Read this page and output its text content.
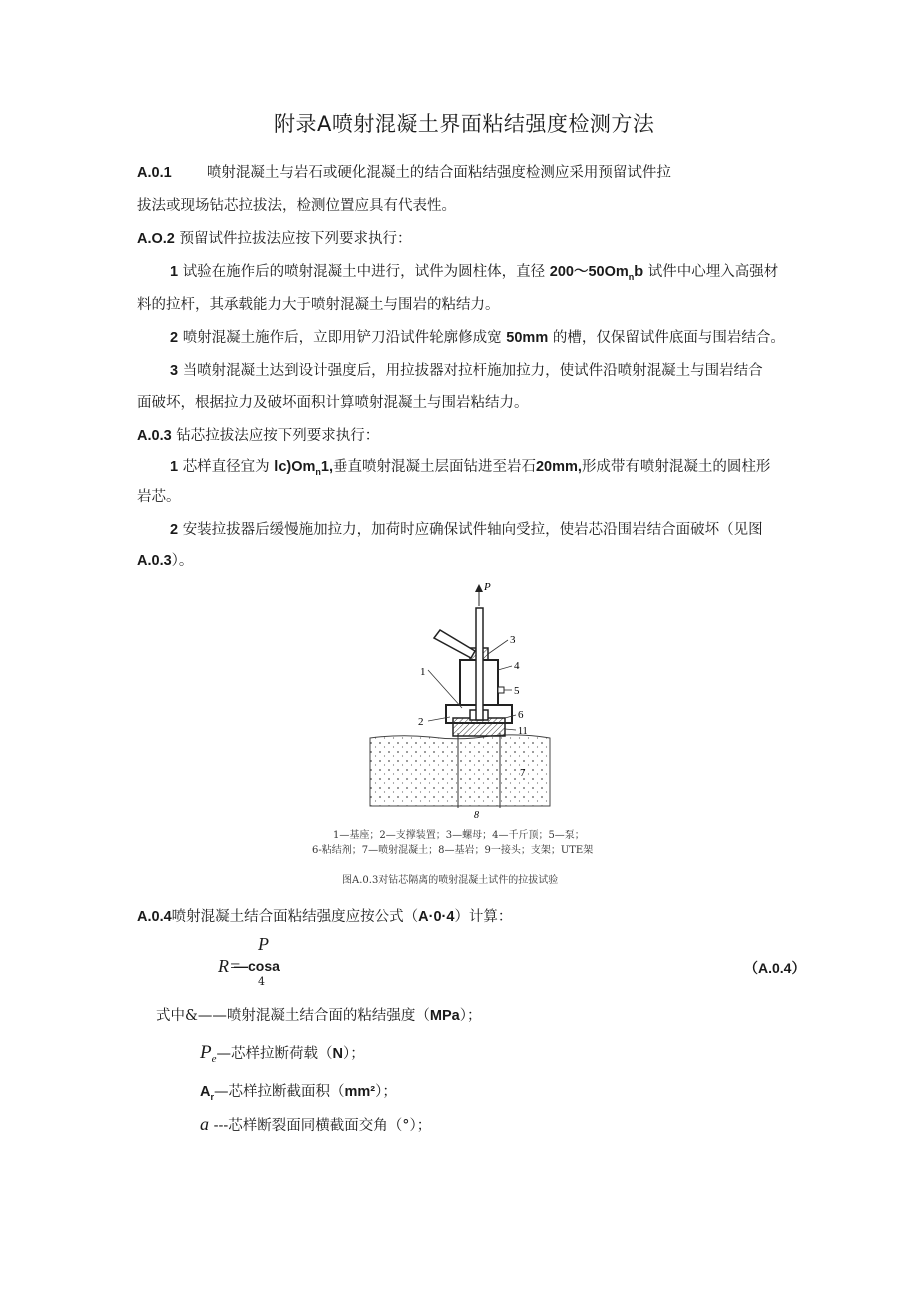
附录A喷射混凝土界面粘结强度检测方法
A.0.1 喷射混凝土与岩石或硬化混凝土的结合面粘结强度检测应采用预留试件拉
拔法或现场钻芯拉拔法，检测位置应具有代表性。
A.O.2 预留试件拉拔法应按下列要求执行：
1 试验在施作后的喷射混凝土中进行，试件为圆柱体，直径 200〜$50Om_nb$ 试件中心埋入高强材
料的拉杆，其承载能力大于喷射混凝土与围岩的粘结力。
2 喷射混凝土施作后，立即用铲刀沿试件轮廓修成宽 50mm 的槽，仅保留试件底面与围岩结合。
3 当喷射混凝土达到设计强度后，用拉拔器对拉杆施加拉力，使试件沿喷射混凝土与围岩结合
面破坏，根据拉力及破坏面积计算喷射混凝土与围岩粘结力。
A.0.3 钻芯拉拔法应按下列要求执行：
1 芯样直径宜为 $lc)Om_n1$,垂直喷射混凝土层面钻进至岩石20mm,形成带有喷射混凝土的圆柱形
岩芯。
2 安装拉拔器后缓慢施加拉力，加荷时应确保试件轴向受拉，使岩芯沿围岩结合面破坏（见图
A.0.3）。
P
1
2
3
4
5
6
11
7
8
1—基座；2—支撑装置；3—螺母；4—千斤顶；5—泵；
6-粘结剂；7—喷射混凝土；8—基岩；9一接头；支架；UTE架
图A.0.3对钻芯隔离的喷射混凝土试件的拉拔试验
A.0.4喷射混凝土结合面粘结强度应按公式（A·0·4）计算：
P
R=
—cosa
4
（A.0.4）
式中&——喷射混凝土结合面的粘结强度（MPa）；
$P_e—$芯样拉断荷载（N）；
$A_r—$芯样拉断截面积（mm²）；
a ---芯样断裂面同横截面交角（°）；
